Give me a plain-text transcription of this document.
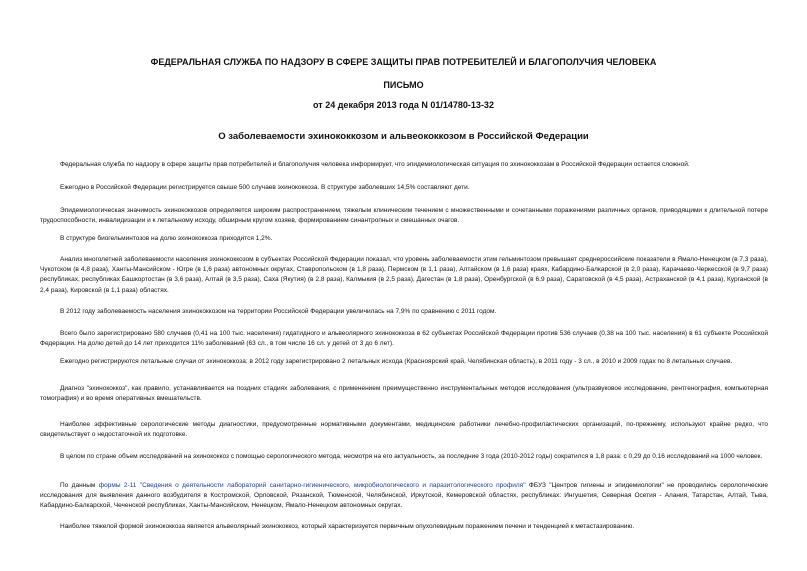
ФЕДЕРАЛЬНАЯ СЛУЖБА ПО НАДЗОРУ В СФЕРЕ ЗАЩИТЫ ПРАВ ПОТРЕБИТЕЛЕЙ И БЛАГОПОЛУЧИЯ ЧЕЛОВЕКА
ПИСЬМО
от 24 декабря 2013 года N 01/14780-13-32
О заболеваемости эхинококкозом и альвеококкозом в Российской Федерации

Федеральная служба по надзору в сфере защиты прав потребителей и благополучия человека информирует, что эпидемиологическая ситуация по эхинококкозам в Российской Федерации остается сложной.

Ежегодно в Российской Федерации регистрируется свыше 500 случаев эхинококкоза. В структуре заболевших 14,5% составляют дети.

Эпидемиологическая значимость эхинококкозов определяется широким распространением, тяжелым клиническим течением с множественными и сочетанными поражениями различных органов, приводящими к длительной потере трудоспособности, инвалидизации и к летальному исходу, обширным кругом хозяев, формированием синантропных и смешанных очагов.

В структуре биогельминтозов на долю эхинококкоза приходится 1,2%.

Анализ многолетней заболеваемости населения эхинококкозом в субъектах Российской Федерации показал, что уровень заболеваемости этим гельминтозом превышает среднероссийские показатели в Ямало-Ненецком (в 7,3 раза), Чукотском (в 4,8 раза), Ханты-Мансийском - Югре (в 1,6 раза) автономных округах, Ставропольском (в 1,8 раза), Пермском (в 1,1 раза), Алтайском (в 1,6 раза) краях, Кабардино-Балкарской (в 2,0 раза), Карачаево-Черкесской (в 9,7 раза) республиках, республиках Башкортостан (в 3,6 раза), Алтай (в 3,5 раза), Саха (Якутия) (в 2,8 раза), Калмыкия (в 2,5 раза), Дагестан (в 1,8 раза), Оренбургской (в 6,9 раза), Саратовской (в 4,5 раза), Астраханской (в 4,1 раза), Курганской (в 2,4 раза), Кировской (в 1,1 раза) областях.

В 2012 году заболеваемость населения эхинококкозом на территории Российской Федерации увеличилась на 7,9% по сравнению с 2011 годом.

Всего было зарегистрировано 580 случаев (0,41 на 100 тыс. населения) гидатидного и альвеолярного эхинококкоза в 62 субъектах Российской Федерации против 536 случаев (0,38 на 100 тыс. населения) в 61 субъекте Российской Федерации. На долю детей до 14 лет приходится 11% заболеваний (63 сл., в том числе 16 сл. у детей от 3 до 6 лет).

Ежегодно регистрируются летальные случаи от эхинококкоза: в 2012 году зарегистрировано 2 летальных исхода (Красноярский край, Челябинская область), в 2011 году - 3 сл., в 2010 и 2009 годах по 8 летальных случаев.

Диагноз "эхинококкоз", как правило, устанавливается на поздних стадиях заболевания, с применением преимущественно инструментальных методов исследования (ультразвуковое исследование, рентгенография, компьютерная томография) и во время оперативных вмешательств.

Наиболее эффективные серологические методы диагностики, предусмотренные нормативными документами, медицинские работники лечебно-профилактических организаций, по-прежнему, используют крайне редко, что свидетельствует о недостаточной их подготовке.

В целом по стране объем исследований на эхинококкоз с помощью серологического метода, несмотря на его актуальность, за последние 3 года (2010-2012 годы) сократился в 1,8 раза: с 0,29 до 0,16 исследований на 1000 человек.

По данным формы 2-11 "Сведения о деятельности лабораторий санитарно-гигиенического, микробиологического и паразитологического профиля" ФБУЗ "Центров гигиены и эпидемиологии" не проводились серологические исследования для выявления данного возбудителя в Костромской, Орловской, Рязанской, Тюменской, Челябинской, Иркутской, Кемеровской областях, республиках: Ингушетия, Северная Осетия - Алания, Татарстан, Алтай, Тыва, Кабардино-Балкарской, Чеченской республиках, Ханты-Мансийском, Ненецком, Ямало-Ненецком автономных округах.

Наиболее тяжелой формой эхинококкоза является альвеолярный эхинококкоз, который характеризуется первичным опухолевидным поражением печени и тенденцией к метастазированию.
